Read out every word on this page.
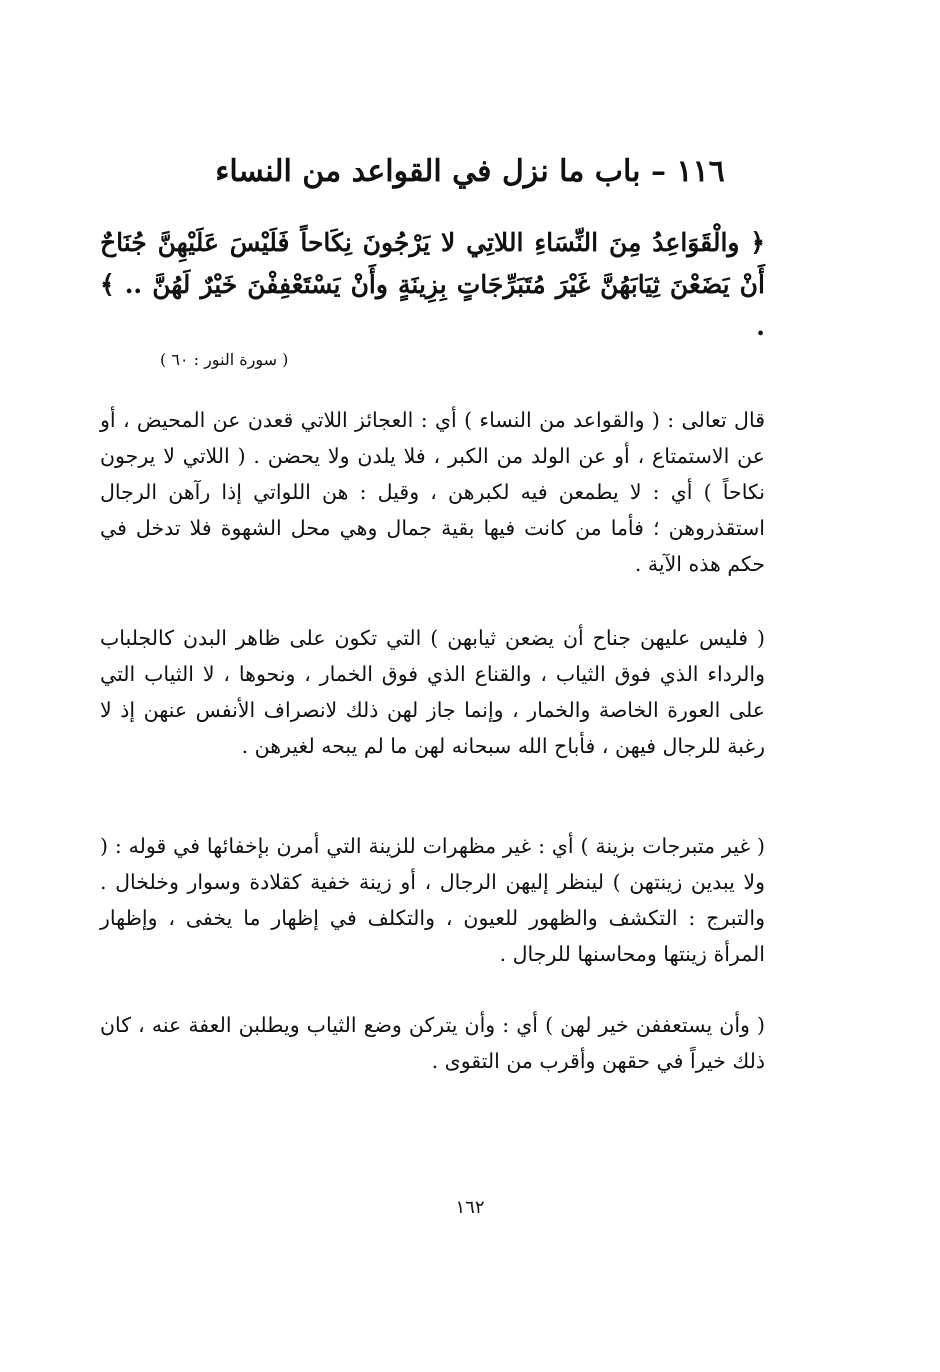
١١٦ – باب ما نزل في القواعد من النساء

﴿ والْقَوَاعِدُ مِنَ النِّسَاءِ اللاتِي لا يَرْجُونَ نِكَاحاً فَلَيْسَ عَلَيْهِنَّ جُنَاحٌ أَنْ يَضَعْنَ ثِيَابَهُنَّ غَيْرَ مُتَبَرِّجَاتٍ بِزِينَةٍ وأَنْ يَسْتَعْفِفْنَ خَيْرٌ لَهُنَّ .. ﴾ .

( سورة النور : ٦٠ )

قال تعالى : ( والقواعد من النساء ) أي : العجائز اللاتي قعدن عن المحيض ، أو عن الاستمتاع ، أو عن الولد من الكبر ، فلا يلدن ولا يحضن . ( اللاتي لا يرجون نكاحاً ) أي : لا يطمعن فيه لكبرهن ، وقيل : هن اللواتي إذا رآهن الرجال استقذروهن ؛ فأما من كانت فيها بقية جمال وهي محل الشهوة فلا تدخل في حكم هذه الآية .

( فليس عليهن جناح أن يضعن ثيابهن ) التي تكون على ظاهر البدن كالجلباب والرداء الذي فوق الثياب ، والقناع الذي فوق الخمار ، ونحوها ، لا الثياب التي على العورة الخاصة والخمار ، وإنما جاز لهن ذلك لانصراف الأنفس عنهن إذ لا رغبة للرجال فيهن ، فأباح الله سبحانه لهن ما لم يبحه لغيرهن .

( غير متبرجات بزينة ) أي : غير مظهرات للزينة التي أمرن بإخفائها في قوله : ( ولا يبدين زينتهن ) لينظر إليهن الرجال ، أو زينة خفية كقلادة وسوار وخلخال . والتبرج : التكشف والظهور للعيون ، والتكلف في إظهار ما يخفى ، وإظهار المرأة زينتها ومحاسنها للرجال .

( وأن يستعففن خير لهن ) أي : وأن يتركن وضع الثياب ويطلبن العفة عنه ، كان ذلك خيراً في حقهن وأقرب من التقوى .

١٦٢
